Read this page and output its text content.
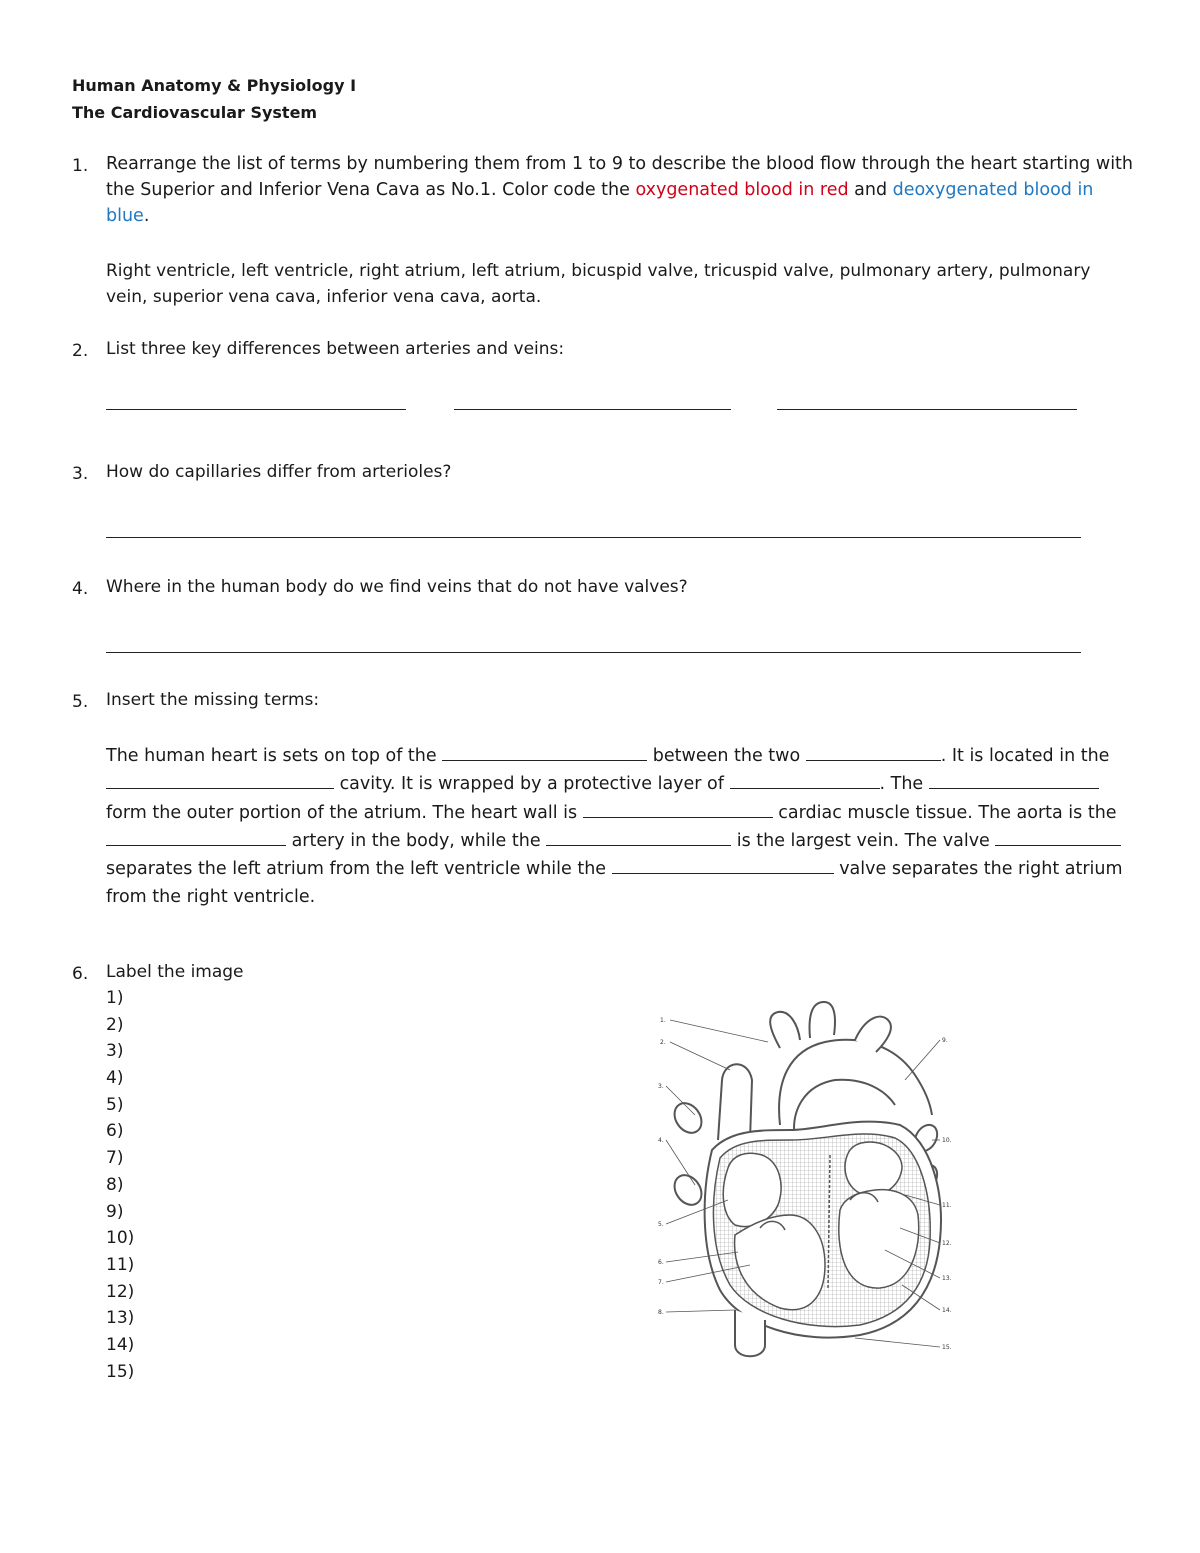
Human Anatomy & Physiology I
The Cardiovascular System
1. Rearrange the list of terms by numbering them from 1 to 9 to describe the blood flow through the heart starting with the Superior and Inferior Vena Cava as No.1. Color code the oxygenated blood in red and deoxygenated blood in blue.
Right ventricle, left ventricle, right atrium, left atrium, bicuspid valve, tricuspid valve, pulmonary artery, pulmonary vein, superior vena cava, inferior vena cava, aorta.
2. List three key differences between arteries and veins:
3. How do capillaries differ from arterioles?
4. Where in the human body do we find veins that do not have valves?
5. Insert the missing terms:
The human heart is sets on top of the	between the two	. It is located in the  cavity. It is wrapped by a protective layer of	. The  form the outer portion of the atrium. The heart wall is	cardiac muscle tissue. The aorta is the  artery in the body, while the	is the largest vein. The valve  separates the left atrium from the left ventricle while the	valve separates the right atrium from the right ventricle.
6. Label the image
1)
2)
3)
4)
5)
6)
7)
8)
9)
10)
11)
12)
13)
14)
15)
1.
2.
3.
4.
5.
6.
7.
8.
9.
10.
11.
12.
13.
14.
15.
